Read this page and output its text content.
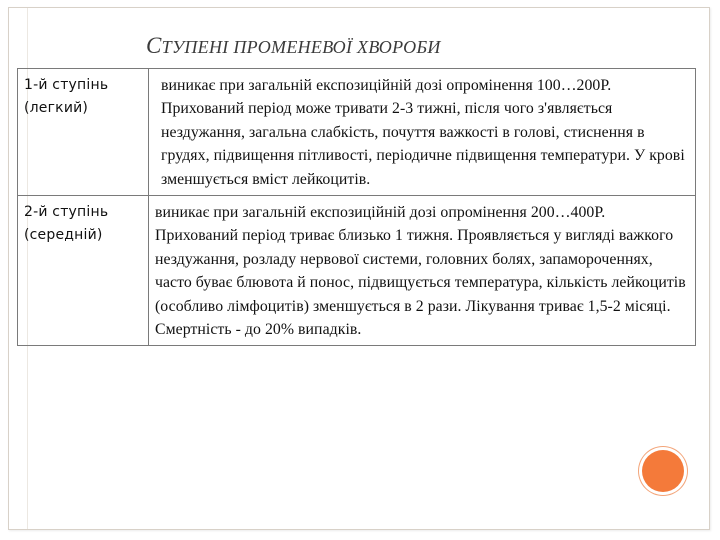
СТУПЕНІ ПРОМЕНЕВОЇ ХВОРОБИ
1-й ступінь
(легкий)	виникає при загальній експозиційній дозі опромінення 100…200Р. Прихований період може тривати 2-3 тижні, після чого з'являється нездужання, загальна слабкість, почуття важкості в голові, стиснення в грудях, підвищення пітливості, періодичне підвищення температури. У крові зменшується вміст лейкоцитів.

2-й ступінь
(середній)	виникає при загальній експозиційній дозі опромінення 200…400Р. Прихований період триває близько 1 тижня. Проявляється у вигляді важкого нездужання, розладу нервової системи, головних болях, запамороченнях, часто буває блювота й понос, підвищується температура, кількість лейкоцитів (особливо лімфоцитів) зменшується в 2 рази. Лікування триває 1,5-2 місяці. Смертність - до 20% випадків.
